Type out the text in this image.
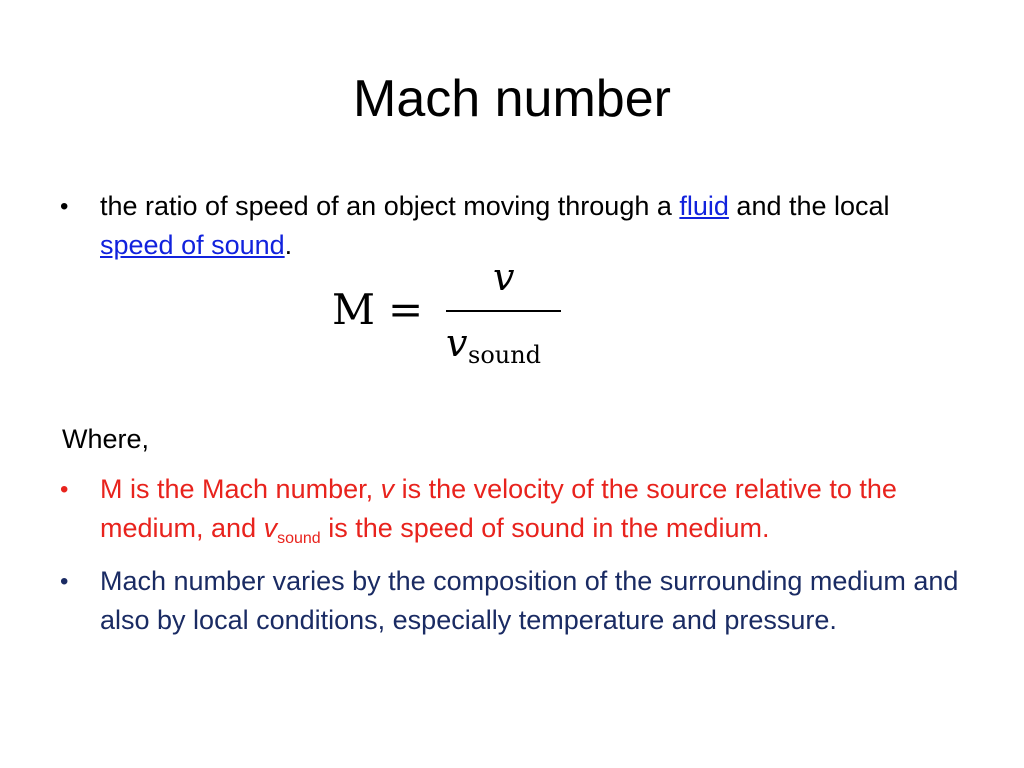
Mach number
•	the ratio of speed of an object moving through a fluid and the local speed of sound.
M =
v
v sound
Where,
•	M is the Mach number, v is the velocity of the source relative to the medium, and $v_{sound}$ is the speed of sound in the medium.
•	Mach number varies by the composition of the surrounding medium and also by local conditions, especially temperature and pressure.
